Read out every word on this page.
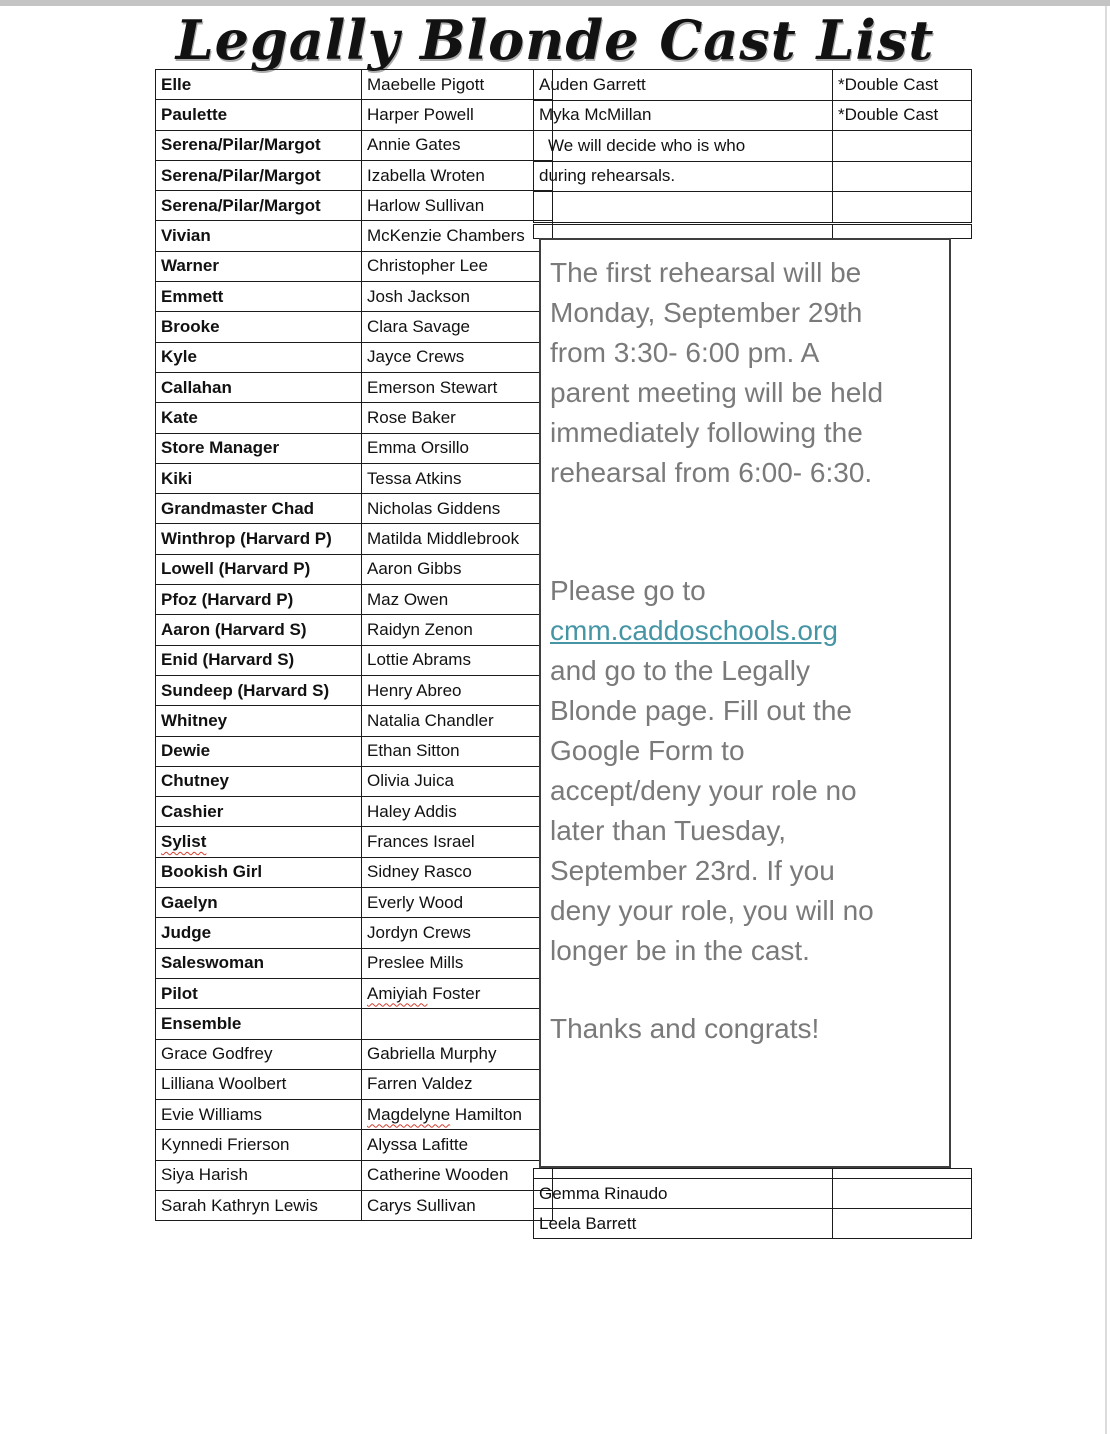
Legally Blonde Cast List
Elle	Maebelle Pigott
Paulette	Harper Powell
Serena/Pilar/Margot	Annie Gates
Serena/Pilar/Margot	Izabella Wroten
Serena/Pilar/Margot	Harlow Sullivan
Vivian	McKenzie Chambers
Warner	Christopher Lee
Emmett	Josh Jackson
Brooke	Clara Savage
Kyle	Jayce Crews
Callahan	Emerson Stewart
Kate	Rose Baker
Store Manager	Emma Orsillo
Kiki	Tessa Atkins
Grandmaster Chad	Nicholas Giddens
Winthrop (Harvard P)	Matilda Middlebrook
Lowell (Harvard P)	Aaron Gibbs
Pfoz (Harvard P)	Maz Owen
Aaron (Harvard S)	Raidyn Zenon
Enid (Harvard S)	Lottie Abrams
Sundeep (Harvard S)	Henry Abreo
Whitney	Natalia Chandler
Dewie	Ethan Sitton
Chutney	Olivia Juica
Cashier	Haley Addis
Sylist	Frances Israel
Bookish Girl	Sidney Rasco
Gaelyn	Everly Wood
Judge	Jordyn Crews
Saleswoman	Preslee Mills
Pilot	Amiyiah Foster
Ensemble	
Grace Godfrey	Gabriella Murphy
Lilliana Woolbert	Farren Valdez
Evie Williams	Magdelyne Hamilton
Kynnedi Frierson	Alyssa Lafitte
Siya Harish	Catherine Wooden
Sarah Kathryn Lewis	Carys Sullivan
Auden Garrett	*Double Cast
Myka McMillan	*Double Cast
We will decide who is who	
during rehearsals.	

The first rehearsal will be
Monday, September 29th
from 3:30- 6:00 pm. A
parent meeting will be held
immediately following the
rehearsal from 6:00- 6:30.
Please go to
cmm.caddoschools.org
and go to the Legally
Blonde page. Fill out the
Google Form to
accept/deny your role no
later than Tuesday,
September 23rd. If you
deny your role, you will no
longer be in the cast.
Thanks and congrats!

Gemma Rinaudo	
Leela Barrett	
